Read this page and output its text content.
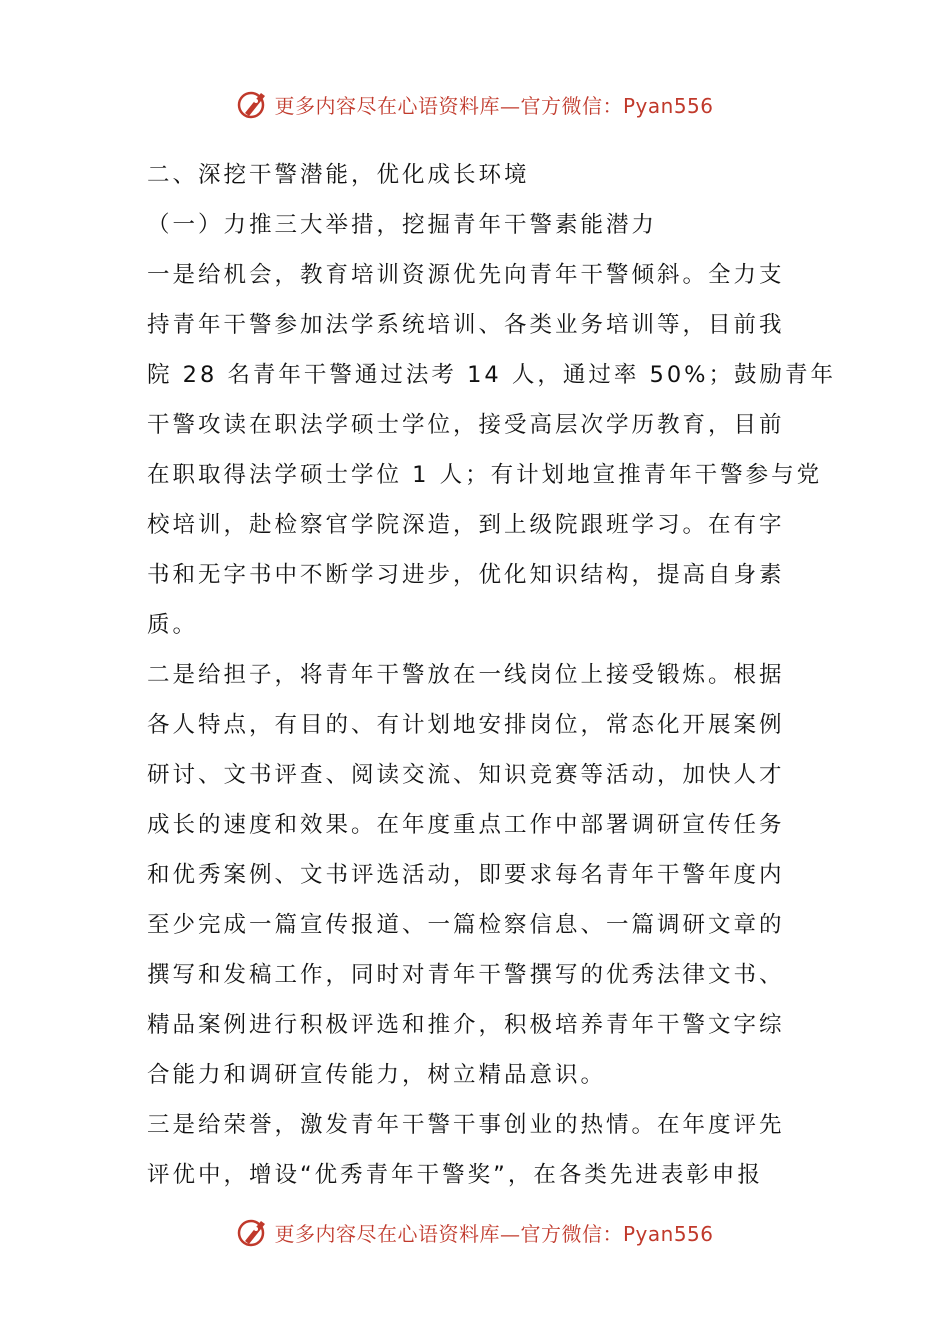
更多内容尽在心语资料库—官方微信：Pyan556

二、深挖干警潜能，优化成长环境

（一）力推三大举措，挖掘青年干警素能潜力

一是给机会，教育培训资源优先向青年干警倾斜。全力支

持青年干警参加法学系统培训、各类业务培训等，目前我

院 28 名青年干警通过法考 14 人，通过率 50%；鼓励青年

干警攻读在职法学硕士学位，接受高层次学历教育，目前

在职取得法学硕士学位 1 人；有计划地宣推青年干警参与党

校培训，赴检察官学院深造，到上级院跟班学习。在有字

书和无字书中不断学习进步，优化知识结构，提高自身素

质。

二是给担子，将青年干警放在一线岗位上接受锻炼。根据

各人特点，有目的、有计划地安排岗位，常态化开展案例

研讨、文书评查、阅读交流、知识竞赛等活动，加快人才

成长的速度和效果。在年度重点工作中部署调研宣传任务

和优秀案例、文书评选活动，即要求每名青年干警年度内

至少完成一篇宣传报道、一篇检察信息、一篇调研文章的

撰写和发稿工作，同时对青年干警撰写的优秀法律文书、

精品案例进行积极评选和推介，积极培养青年干警文字综

合能力和调研宣传能力，树立精品意识。

三是给荣誉，激发青年干警干事创业的热情。在年度评先

评优中，增设“优秀青年干警奖”，在各类先进表彰申报

更多内容尽在心语资料库—官方微信：Pyan556
